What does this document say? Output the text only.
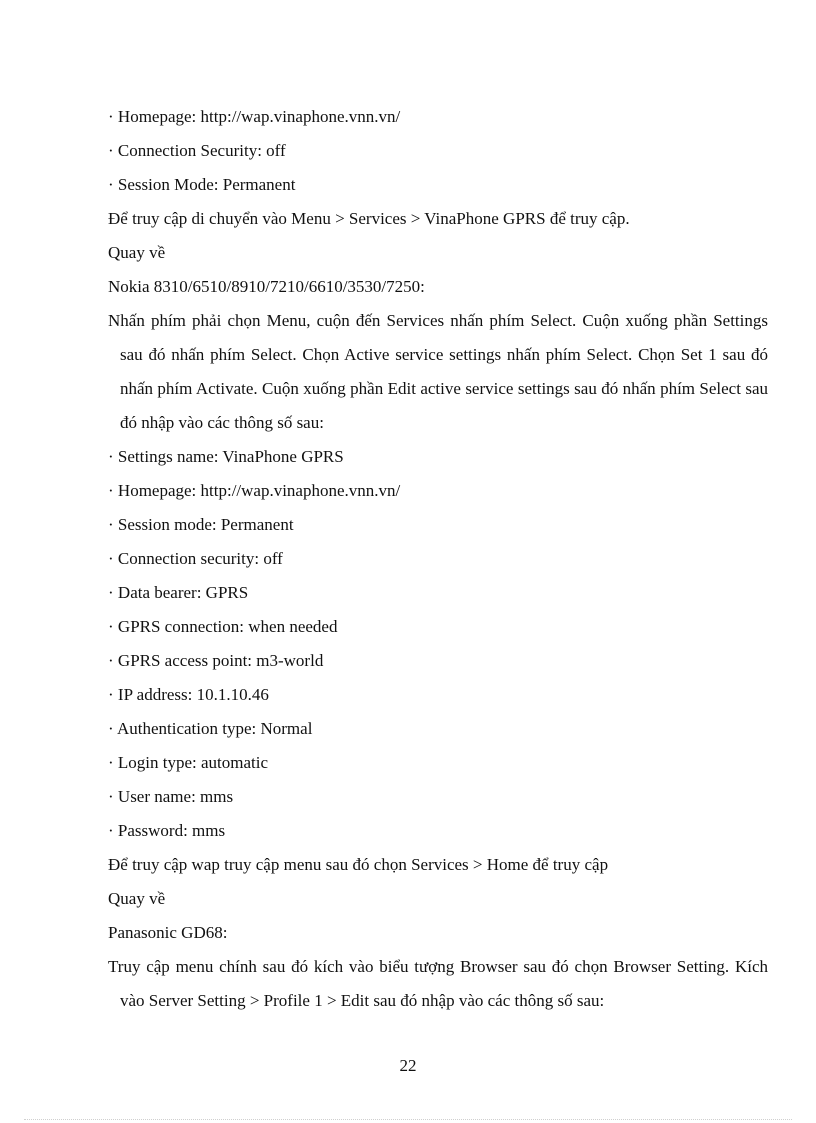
· Homepage: http://wap.vinaphone.vnn.vn/
· Connection Security: off
· Session Mode: Permanent
Để truy cập di chuyển vào Menu > Services > VinaPhone GPRS để truy cập.
Quay về
Nokia 8310/6510/8910/7210/6610/3530/7250:
Nhấn phím phải chọn Menu, cuộn đến Services nhấn phím Select. Cuộn xuống phần Settings sau đó nhấn phím Select. Chọn Active service settings nhấn phím Select. Chọn Set 1 sau đó nhấn phím Activate. Cuộn xuống phần Edit active service settings sau đó nhấn phím Select sau đó nhập vào các thông số sau:
· Settings name: VinaPhone GPRS
· Homepage: http://wap.vinaphone.vnn.vn/
· Session mode: Permanent
· Connection security: off
· Data bearer: GPRS
· GPRS connection: when needed
· GPRS access point: m3-world
· IP address: 10.1.10.46
· Authentication type: Normal
· Login type: automatic
· User name: mms
· Password: mms
Để truy cập wap truy cập menu sau đó chọn Services > Home để truy cập
Quay về
Panasonic GD68:
Truy cập menu chính sau đó kích vào biểu tượng Browser sau đó chọn Browser Setting. Kích vào Server Setting > Profile 1 > Edit sau đó nhập vào các thông số sau:
22
